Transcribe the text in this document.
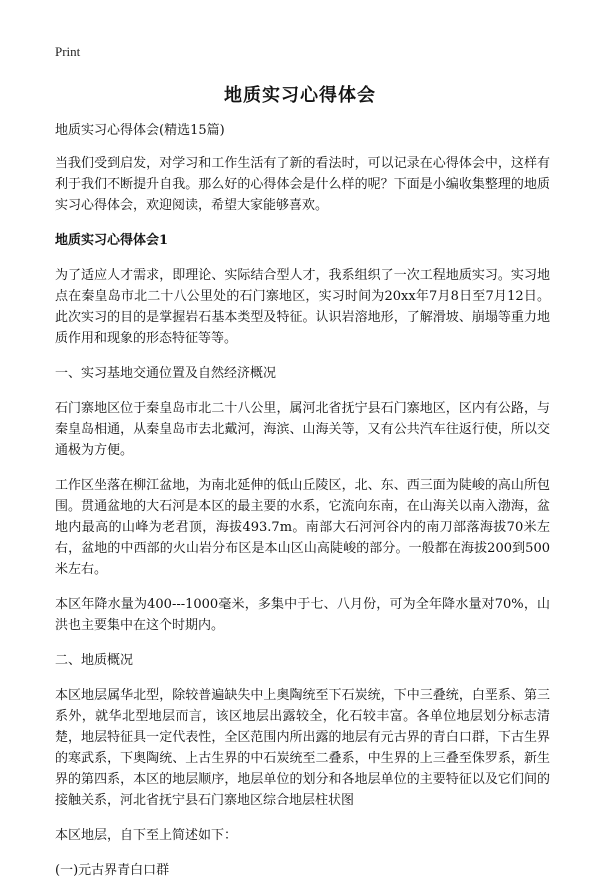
Print
地质实习心得体会

地质实习心得体会(精选15篇)

当我们受到启发，对学习和工作生活有了新的看法时，可以记录在心得体会中，这样有利于我们不断提升自我。那么好的心得体会是什么样的呢？下面是小编收集整理的地质实习心得体会，欢迎阅读，希望大家能够喜欢。

地质实习心得体会1

为了适应人才需求，即理论、实际结合型人才，我系组织了一次工程地质实习。实习地点在秦皇岛市北二十八公里处的石门寨地区，实习时间为20xx年7月8日至7月12日。此次实习的目的是掌握岩石基本类型及特征。认识岩溶地形，了解滑坡、崩塌等重力地质作用和现象的形态特征等等。

一、实习基地交通位置及自然经济概况

石门寨地区位于秦皇岛市北二十八公里，属河北省抚宁县石门寨地区，区内有公路，与秦皇岛相通，从秦皇岛市去北戴河，海滨、山海关等，又有公共汽车往返行使，所以交通极为方便。

工作区坐落在柳江盆地，为南北延伸的低山丘陵区，北、东、西三面为陡峻的高山所包围。贯通盆地的大石河是本区的最主要的水系，它流向东南，在山海关以南入渤海，盆地内最高的山峰为老君顶，海拔493.7m。南部大石河河谷内的南刀部落海拔70米左右，盆地的中西部的火山岩分布区是本山区山高陡峻的部分。一般都在海拔200到500米左右。

本区年降水量为400---1000毫米，多集中于七、八月份，可为全年降水量对70%，山洪也主要集中在这个时期内。

二、地质概况

本区地层属华北型，除较普遍缺失中上奥陶统至下石炭统，下中三叠统，白垩系、第三系外，就华北型地层而言，该区地层出露较全，化石较丰富。各单位地层划分标志清楚，地层特征具一定代表性，全区范围内所出露的地层有元古界的青白口群，下古生界的寒武系，下奥陶统、上古生界的中石炭统至二叠系，中生界的上三叠至侏罗系，新生界的第四系，本区的地层顺序，地层单位的划分和各地层单位的主要特征以及它们间的接触关系，河北省抚宁县石门寨地区综合地层柱状图

本区地层，自下至上简述如下：

(一)元古界青白口群
